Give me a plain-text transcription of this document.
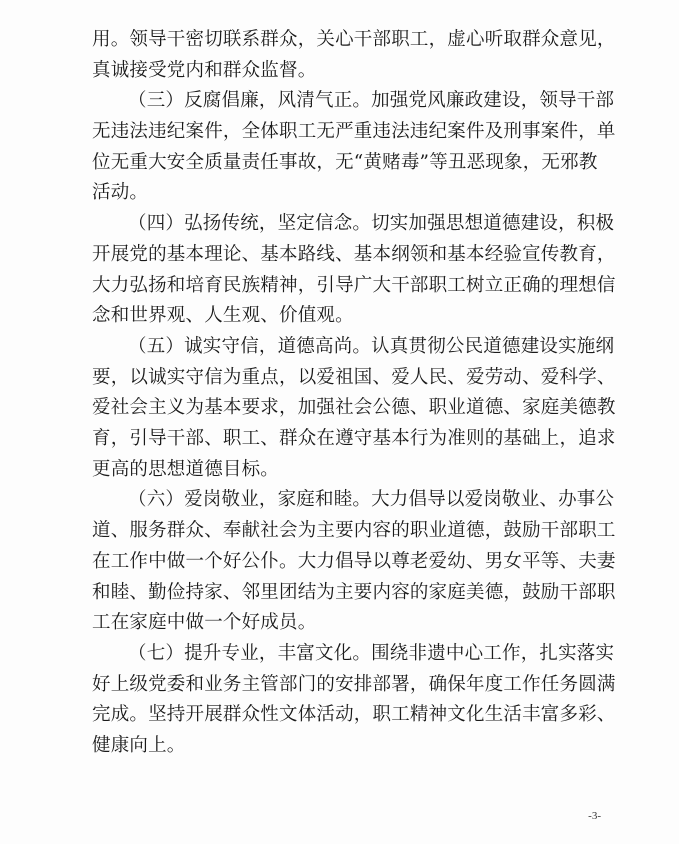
用。领导干密切联系群众，关心干部职工，虚心听取群众意见，
真诚接受党内和群众监督。
（三）反腐倡廉，风清气正。加强党风廉政建设，领导干部
无违法违纪案件，全体职工无严重违法违纪案件及刑事案件，单
位无重大安全质量责任事故，无“黄赌毒”等丑恶现象，无邪教
活动。
（四）弘扬传统，坚定信念。切实加强思想道德建设，积极
开展党的基本理论、基本路线、基本纲领和基本经验宣传教育，
大力弘扬和培育民族精神，引导广大干部职工树立正确的理想信
念和世界观、人生观、价值观。
（五）诚实守信，道德高尚。认真贯彻公民道德建设实施纲
要，以诚实守信为重点，以爱祖国、爱人民、爱劳动、爱科学、
爱社会主义为基本要求，加强社会公德、职业道德、家庭美德教
育，引导干部、职工、群众在遵守基本行为准则的基础上，追求
更高的思想道德目标。
（六）爱岗敬业，家庭和睦。大力倡导以爱岗敬业、办事公
道、服务群众、奉献社会为主要内容的职业道德，鼓励干部职工
在工作中做一个好公仆。大力倡导以尊老爱幼、男女平等、夫妻
和睦、勤俭持家、邻里团结为主要内容的家庭美德，鼓励干部职
工在家庭中做一个好成员。
（七）提升专业，丰富文化。围绕非遗中心工作，扎实落实
好上级党委和业务主管部门的安排部署，确保年度工作任务圆满
完成。坚持开展群众性文体活动，职工精神文化生活丰富多彩、
健康向上。
-3-
